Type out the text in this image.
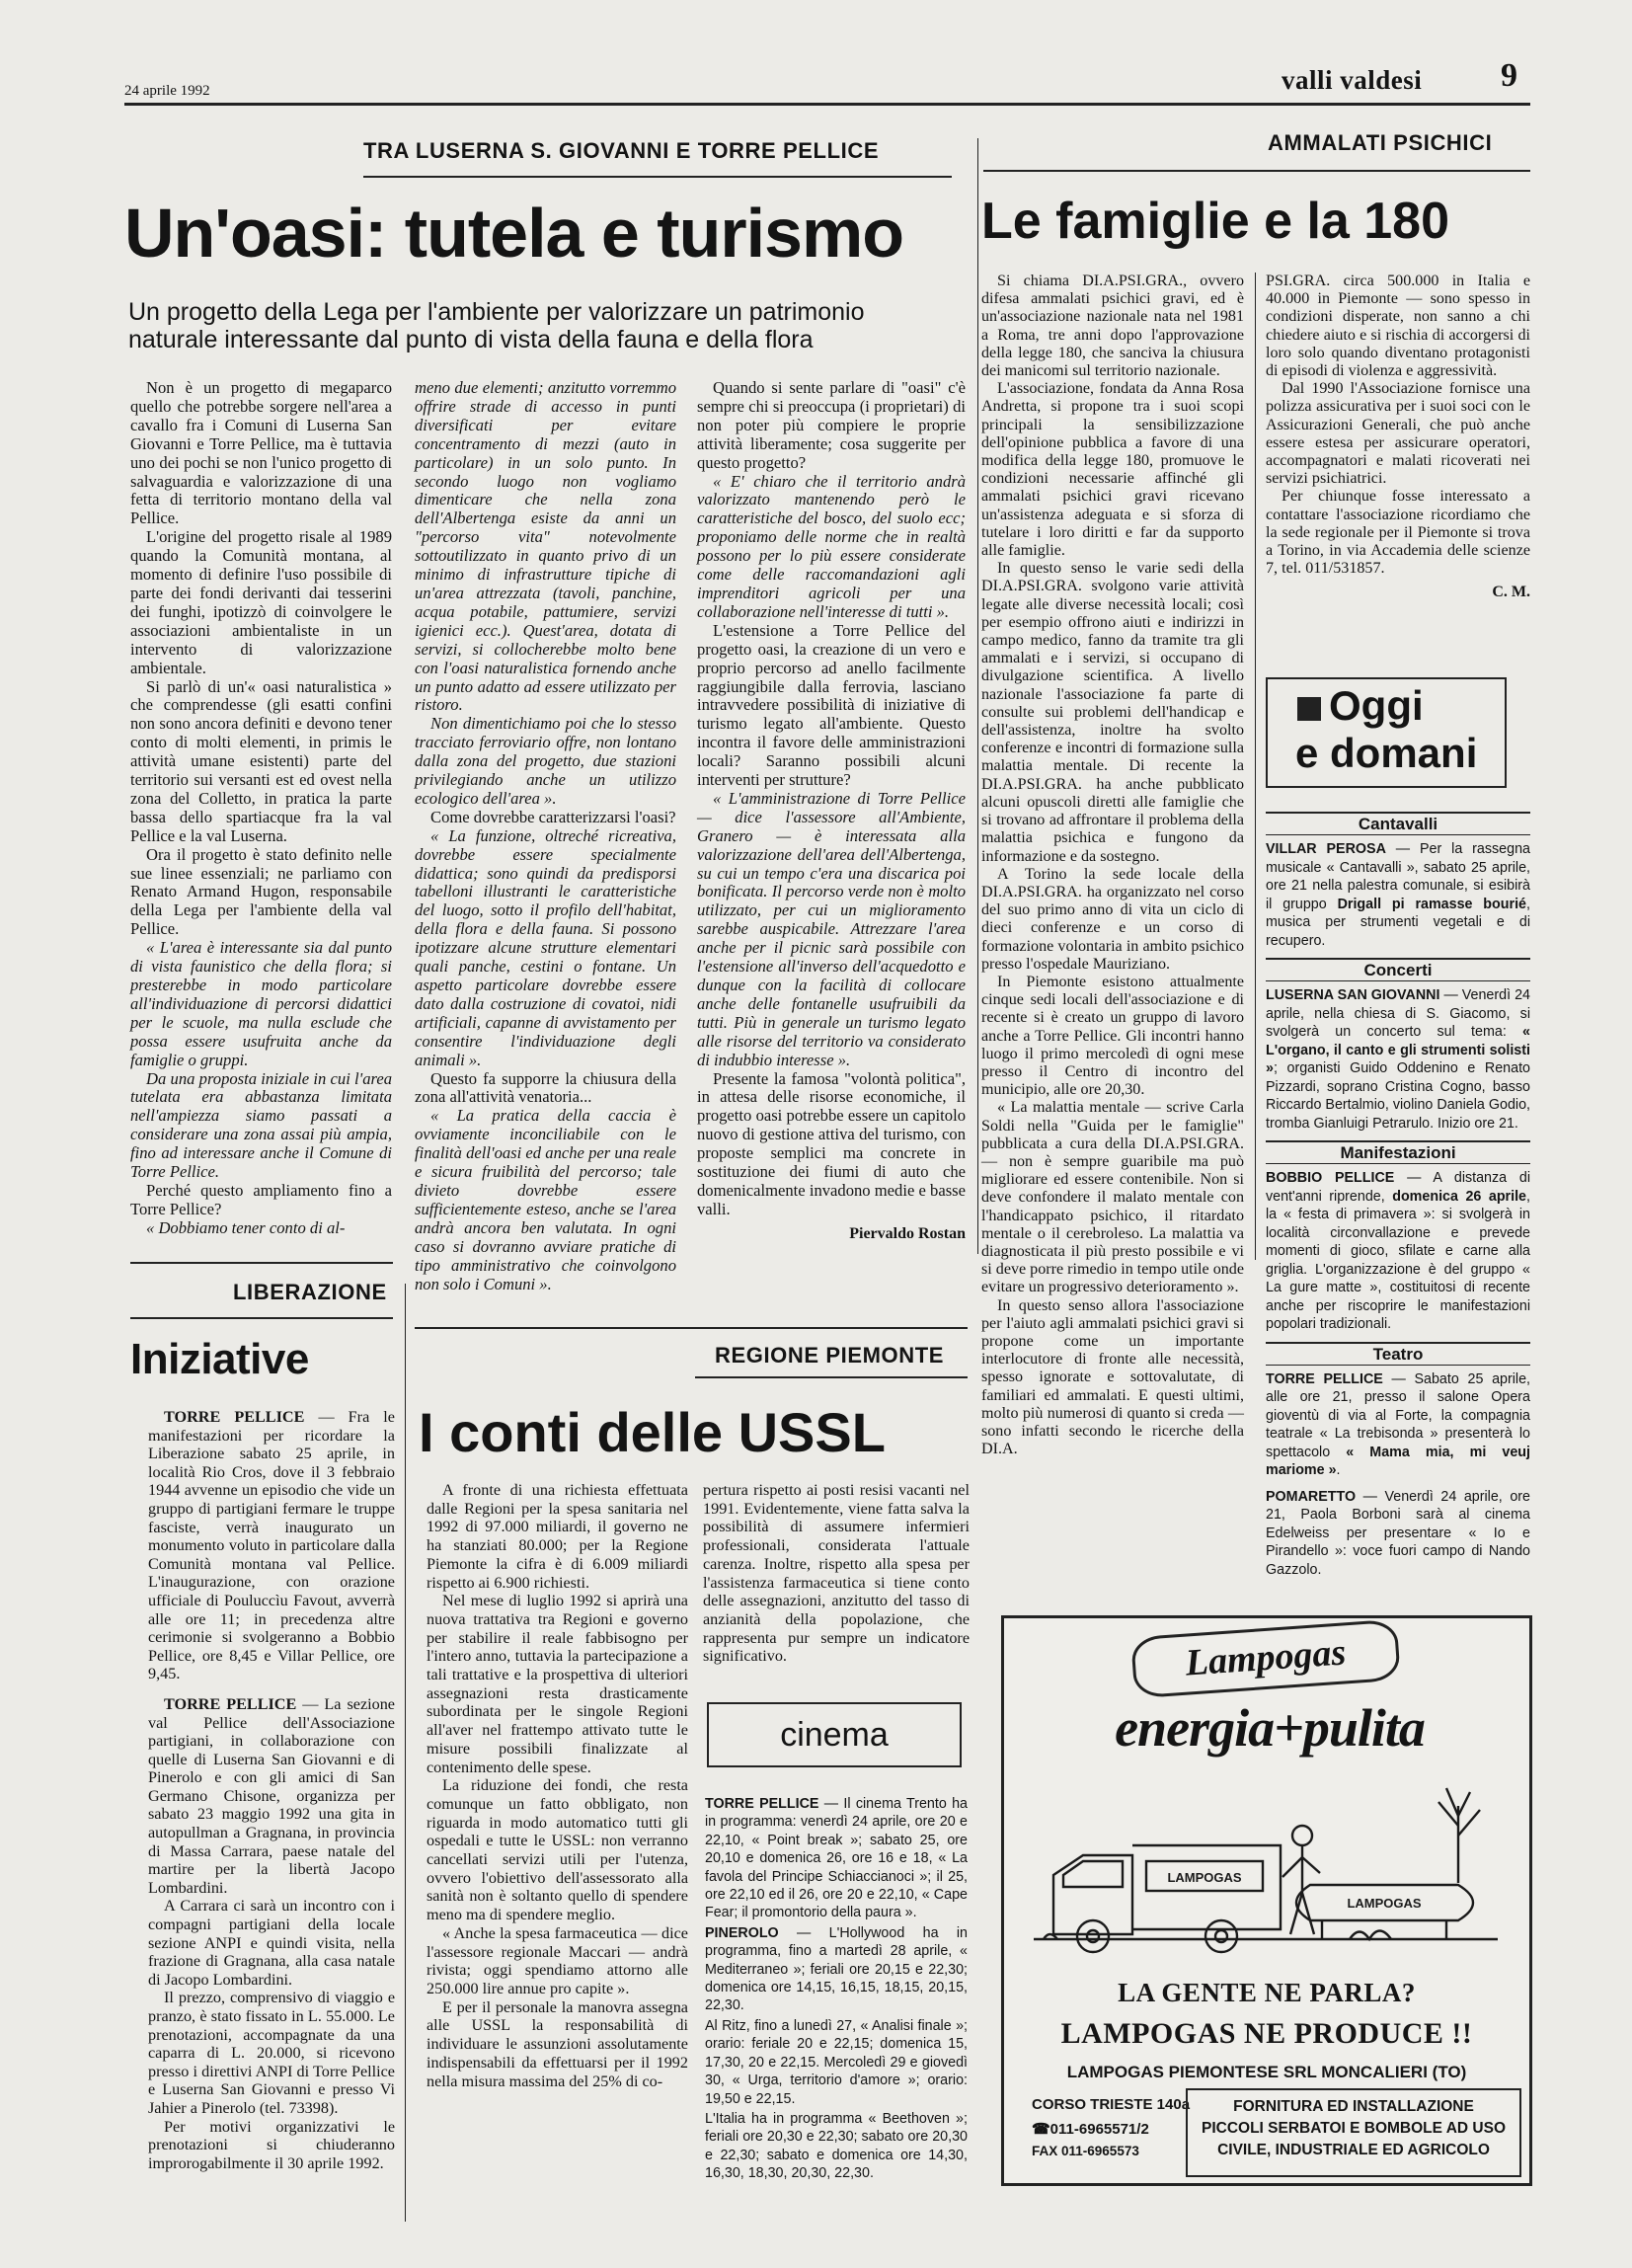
24 aprile 1992	valli valdesi 9
TRA LUSERNA S. GIOVANNI E TORRE PELLICE
Un'oasi: tutela e turismo
Un progetto della Lega per l'ambiente per valorizzare un patrimonio
naturale interessante dal punto di vista della fauna e della flora

Non è un progetto di megaparco quello che potrebbe sorgere nell'area a cavallo fra i Comuni di Luserna San Giovanni e Torre Pellice, ma è tuttavia uno dei pochi se non l'unico progetto di salvaguardia e valorizzazione di una fetta di territorio montano della val Pellice.

L'origine del progetto risale al 1989 quando la Comunità montana, al momento di definire l'uso possibile di parte dei fondi derivanti dai tesserini dei funghi, ipotizzò di coinvolgere le associazioni ambientaliste in un intervento di valorizzazione ambientale.

Si parlò di un'« oasi naturalistica » che comprendesse (gli esatti confini non sono ancora definiti e devono tener conto di molti elementi, in primis le attività umane esistenti) parte del territorio sui versanti est ed ovest nella zona del Colletto, in pratica la parte bassa dello spartiacque fra la val Pellice e la val Luserna.

Ora il progetto è stato definito nelle sue linee essenziali; ne parliamo con Renato Armand Hugon, responsabile della Lega per l'ambiente della val Pellice.

« L'area è interessante sia dal punto di vista faunistico che della flora; si presterebbe in modo particolare all'individuazione di percorsi didattici per le scuole, ma nulla esclude che possa essere usufruita anche da famiglie o gruppi.

Da una proposta iniziale in cui l'area tutelata era abbastanza limitata nell'ampiezza siamo passati a considerare una zona assai più ampia, fino ad interessare anche il Comune di Torre Pellice.

Perché questo ampliamento fino a Torre Pellice?

« Dobbiamo tener conto di al-

meno due elementi; anzitutto vorremmo offrire strade di accesso in punti diversificati per evitare concentramento di mezzi (auto in particolare) in un solo punto. In secondo luogo non vogliamo dimenticare che nella zona dell'Albertenga esiste da anni un "percorso vita" notevolmente sottoutilizzato in quanto privo di un minimo di infrastrutture tipiche di un'area attrezzata (tavoli, panchine, acqua potabile, pattumiere, servizi igienici ecc.). Quest'area, dotata di servizi, si collocherebbe molto bene con l'oasi naturalistica fornendo anche un punto adatto ad essere utilizzato per ristoro.

Non dimentichiamo poi che lo stesso tracciato ferroviario offre, non lontano dalla zona del progetto, due stazioni privilegiando anche un utilizzo ecologico dell'area ».

Come dovrebbe caratterizzarsi l'oasi?

« La funzione, oltreché ricreativa, dovrebbe essere specialmente didattica; sono quindi da predisporsi tabelloni illustranti le caratteristiche del luogo, sotto il profilo dell'habitat, della flora e della fauna. Si possono ipotizzare alcune strutture elementari quali panche, cestini o fontane. Un aspetto particolare dovrebbe essere dato dalla costruzione di covatoi, nidi artificiali, capanne di avvistamento per consentire l'individuazione degli animali ».

Questo fa supporre la chiusura della zona all'attività venatoria...

« La pratica della caccia è ovviamente inconciliabile con le finalità dell'oasi ed anche per una reale e sicura fruibilità del percorso; tale divieto dovrebbe essere sufficientemente esteso, anche se l'area andrà ancora ben valutata. In ogni caso si dovranno avviare pratiche di tipo amministrativo che coinvolgono non solo i Comuni ».

Quando si sente parlare di "oasi" c'è sempre chi si preoccupa (i proprietari) di non poter più compiere le proprie attività liberamente; cosa suggerite per questo progetto?

« E' chiaro che il territorio andrà valorizzato mantenendo però le caratteristiche del bosco, del suolo ecc; proponiamo delle norme che in realtà possono per lo più essere considerate come delle raccomandazioni agli imprenditori agricoli per una collaborazione nell'interesse di tutti ».

L'estensione a Torre Pellice del progetto oasi, la creazione di un vero e proprio percorso ad anello facilmente raggiungibile dalla ferrovia, lasciano intravvedere possibilità di iniziative di turismo legato all'ambiente. Questo incontra il favore delle amministrazioni locali? Saranno possibili alcuni interventi per strutture?

« L'amministrazione di Torre Pellice — dice l'assessore all'Ambiente, Granero — è interessata alla valorizzazione dell'area dell'Albertenga, su cui un tempo c'era una discarica poi bonificata. Il percorso verde non è molto utilizzato, per cui un miglioramento sarebbe auspicabile. Attrezzare l'area anche per il picnic sarà possibile con l'estensione all'inverso dell'acquedotto e dunque con la facilità di collocare anche delle fontanelle usufruibili da tutti. Più in generale un turismo legato alle risorse del territorio va considerato di indubbio interesse ».

Presente la famosa "volontà politica", in attesa delle risorse economiche, il progetto oasi potrebbe essere un capitolo nuovo di gestione attiva del turismo, con proposte semplici ma concrete in sostituzione dei fiumi di auto che domenicalmente invadono medie e basse valli.

Piervaldo Rostan
AMMALATI PSICHICI
Le famiglie e la 180

Si chiama DI.A.PSI.GRA., ovvero difesa ammalati psichici gravi, ed è un'associazione nazionale nata nel 1981 a Roma, tre anni dopo l'approvazione della legge 180, che sanciva la chiusura dei manicomi sul territorio nazionale.

L'associazione, fondata da Anna Rosa Andretta, si propone tra i suoi scopi principali la sensibilizzazione dell'opinione pubblica a favore di una modifica della legge 180, promuove le condizioni necessarie affinché gli ammalati psichici gravi ricevano un'assistenza adeguata e si sforza di tutelare i loro diritti e far da supporto alle famiglie.

In questo senso le varie sedi della DI.A.PSI.GRA. svolgono varie attività legate alle diverse necessità locali; così per esempio offrono aiuti e indirizzi in campo medico, fanno da tramite tra gli ammalati e i servizi, si occupano di divulgazione scientifica. A livello nazionale l'associazione fa parte di consulte sui problemi dell'handicap e dell'assistenza, inoltre ha svolto conferenze e incontri di formazione sulla malattia mentale. Di recente la DI.A.PSI.GRA. ha anche pubblicato alcuni opuscoli diretti alle famiglie che si trovano ad affrontare il problema della malattia psichica e fungono da informazione e da sostegno.

A Torino la sede locale della DI.A.PSI.GRA. ha organizzato nel corso del suo primo anno di vita un ciclo di dieci conferenze e un corso di formazione volontaria in ambito psichico presso l'ospedale Mauriziano.

In Piemonte esistono attualmente cinque sedi locali dell'associazione e di recente si è creato un gruppo di lavoro anche a Torre Pellice. Gli incontri hanno luogo il primo mercoledì di ogni mese presso il Centro di incontro del municipio, alle ore 20,30.

« La malattia mentale — scrive Carla Soldi nella "Guida per le famiglie" pubblicata a cura della DI.A.PSI.GRA. — non è sempre guaribile ma può migliorare ed essere contenibile. Non si deve confondere il malato mentale con l'handicappato psichico, il ritardato mentale o il cerebroleso. La malattia va diagnosticata il più presto possibile e vi si deve porre rimedio in tempo utile onde evitare un progressivo deterioramento ».

In questo senso allora l'associazione per l'aiuto agli ammalati psichici gravi si propone come un importante interlocutore di fronte alle necessità, spesso ignorate e sottovalutate, di familiari ed ammalati. E questi ultimi, molto più numerosi di quanto si creda — sono infatti secondo le ricerche della DI.A.

PSI.GRA. circa 500.000 in Italia e 40.000 in Piemonte — sono spesso in condizioni disperate, non sanno a chi chiedere aiuto e si rischia di accorgersi di loro solo quando diventano protagonisti di episodi di violenza e aggressività.

Dal 1990 l'Associazione fornisce una polizza assicurativa per i suoi soci con le Assicurazioni Generali, che può anche essere estesa per assicurare operatori, accompagnatori e malati ricoverati nei servizi psichiatrici.

Per chiunque fosse interessato a contattare l'associazione ricordiamo che la sede regionale per il Piemonte si trova a Torino, in via Accademia delle scienze 7, tel. 011/531857.

C. M.
Oggi
e domani
Cantavalli
VILLAR PEROSA — Per la rassegna musicale « Cantavalli », sabato 25 aprile, ore 21 nella palestra comunale, si esibirà il gruppo Drigall pi ramasse bourié, musica per strumenti vegetali e di recupero.
Concerti
LUSERNA SAN GIOVANNI — Venerdì 24 aprile, nella chiesa di S. Giacomo, si svolgerà un concerto sul tema: « L'organo, il canto e gli strumenti solisti »; organisti Guido Oddenino e Renato Pizzardi, soprano Cristina Cogno, basso Riccardo Bertalmio, violino Daniela Godio, tromba Gianluigi Petrarulo. Inizio ore 21.
Manifestazioni
BOBBIO PELLICE — A distanza di vent'anni riprende, domenica 26 aprile, la « festa di primavera »: si svolgerà in località circonvallazione e prevede momenti di gioco, sfilate e carne alla griglia. L'organizzazione è del gruppo « La gure matte », costituitosi di recente anche per riscoprire le manifestazioni popolari tradizionali.
Teatro
TORRE PELLICE — Sabato 25 aprile, alle ore 21, presso il salone Opera gioventù di via al Forte, la compagnia teatrale « La trebisonda » presenterà lo spettacolo « Mama mia, mi veuj mariome ».
POMARETTO — Venerdì 24 aprile, ore 21, Paola Borboni sarà al cinema Edelweiss per presentare « Io e Pirandello »: voce fuori campo di Nando Gazzolo.
LIBERAZIONE
Iniziative

TORRE PELLICE — Fra le manifestazioni per ricordare la Liberazione sabato 25 aprile, in località Rio Cros, dove il 3 febbraio 1944 avvenne un episodio che vide un gruppo di partigiani fermare le truppe fasciste, verrà inaugurato un monumento voluto in particolare dalla Comunità montana val Pellice. L'inaugurazione, con orazione ufficiale di Pouluccìu Favout, avverrà alle ore 11; in precedenza altre cerimonie si svolgeranno a Bobbio Pellice, ore 8,45 e Villar Pellice, ore 9,45.

TORRE PELLICE — La sezione val Pellice dell'Associazione partigiani, in collaborazione con quelle di Luserna San Giovanni e di Pinerolo e con gli amici di San Germano Chisone, organizza per sabato 23 maggio 1992 una gita in autopullman a Gragnana, in provincia di Massa Carrara, paese natale del martire per la libertà Jacopo Lombardini.

A Carrara ci sarà un incontro con i compagni partigiani della locale sezione ANPI e quindi visita, nella frazione di Gragnana, alla casa natale di Jacopo Lombardini.

Il prezzo, comprensivo di viaggio e pranzo, è stato fissato in L. 55.000. Le prenotazioni, accompagnate da una caparra di L. 20.000, si ricevono presso i direttivi ANPI di Torre Pellice e Luserna San Giovanni e presso Vi Jahier a Pinerolo (tel. 73398).

Per motivi organizzativi le prenotazioni si chiuderanno improrogabilmente il 30 aprile 1992.

REGIONE PIEMONTE
I conti delle USSL

A fronte di una richiesta effettuata dalle Regioni per la spesa sanitaria nel 1992 di 97.000 miliardi, il governo ne ha stanziati 80.000; per la Regione Piemonte la cifra è di 6.009 miliardi rispetto ai 6.900 richiesti.

Nel mese di luglio 1992 si aprirà una nuova trattativa tra Regioni e governo per stabilire il reale fabbisogno per l'intero anno, tuttavia la partecipazione a tali trattative e la prospettiva di ulteriori assegnazioni resta drasticamente subordinata per le singole Regioni all'aver nel frattempo attivato tutte le misure possibili finalizzate al contenimento delle spese.

La riduzione dei fondi, che resta comunque un fatto obbligato, non riguarda in modo automatico tutti gli ospedali e tutte le USSL: non verranno cancellati servizi utili per l'utenza, ovvero l'obiettivo dell'assessorato alla sanità non è soltanto quello di spendere meno ma di spendere meglio.

« Anche la spesa farmaceutica — dice l'assessore regionale Maccari — andrà rivista; oggi spendiamo attorno alle 250.000 lire annue pro capite ».

E per il personale la manovra assegna alle USSL la responsabilità di individuare le assunzioni assolutamente indispensabili da effettuarsi per il 1992 nella misura massima del 25% di co-

pertura rispetto ai posti resisi vacanti nel 1991. Evidentemente, viene fatta salva la possibilità di assumere infermieri professionali, considerata l'attuale carenza. Inoltre, rispetto alla spesa per l'assistenza farmaceutica si tiene conto delle assegnazioni, anzitutto del tasso di anzianità della popolazione, che rappresenta pur sempre un indicatore significativo.

cinema

TORRE PELLICE — Il cinema Trento ha in programma: venerdì 24 aprile, ore 20 e 22,10, « Point break »; sabato 25, ore 20,10 e domenica 26, ore 16 e 18, « La favola del Principe Schiaccianoci »; il 25, ore 22,10 ed il 26, ore 20 e 22,10, « Cape Fear; il promontorio della paura ».

PINEROLO — L'Hollywood ha in programma, fino a martedì 28 aprile, « Mediterraneo »; feriali ore 20,15 e 22,30; domenica ore 14,15, 16,15, 18,15, 20,15, 22,30.

Al Ritz, fino a lunedì 27, « Analisi finale »; orario: feriale 20 e 22,15; domenica 15, 17,30, 20 e 22,15. Mercoledì 29 e giovedì 30, « Urga, territorio d'amore »; orario: 19,50 e 22,15.

L'Italia ha in programma « Beethoven »; feriali ore 20,30 e 22,30; sabato ore 20,30 e 22,30; sabato e domenica ore 14,30, 16,30, 18,30, 20,30, 22,30.

Lampogas
energia+pulita
LAMPOGAS
LAMPOGAS
LA GENTE NE PARLA?
LAMPOGAS NE PRODUCE !!
LAMPOGAS PIEMONTESE SRL MONCALIERI (TO)
CORSO TRIESTE 140a
☎011-6965571/2
FAX 011-6965573
FORNITURA ED INSTALLAZIONE
PICCOLI SERBATOI E BOMBOLE AD USO
CIVILE, INDUSTRIALE ED AGRICOLO
